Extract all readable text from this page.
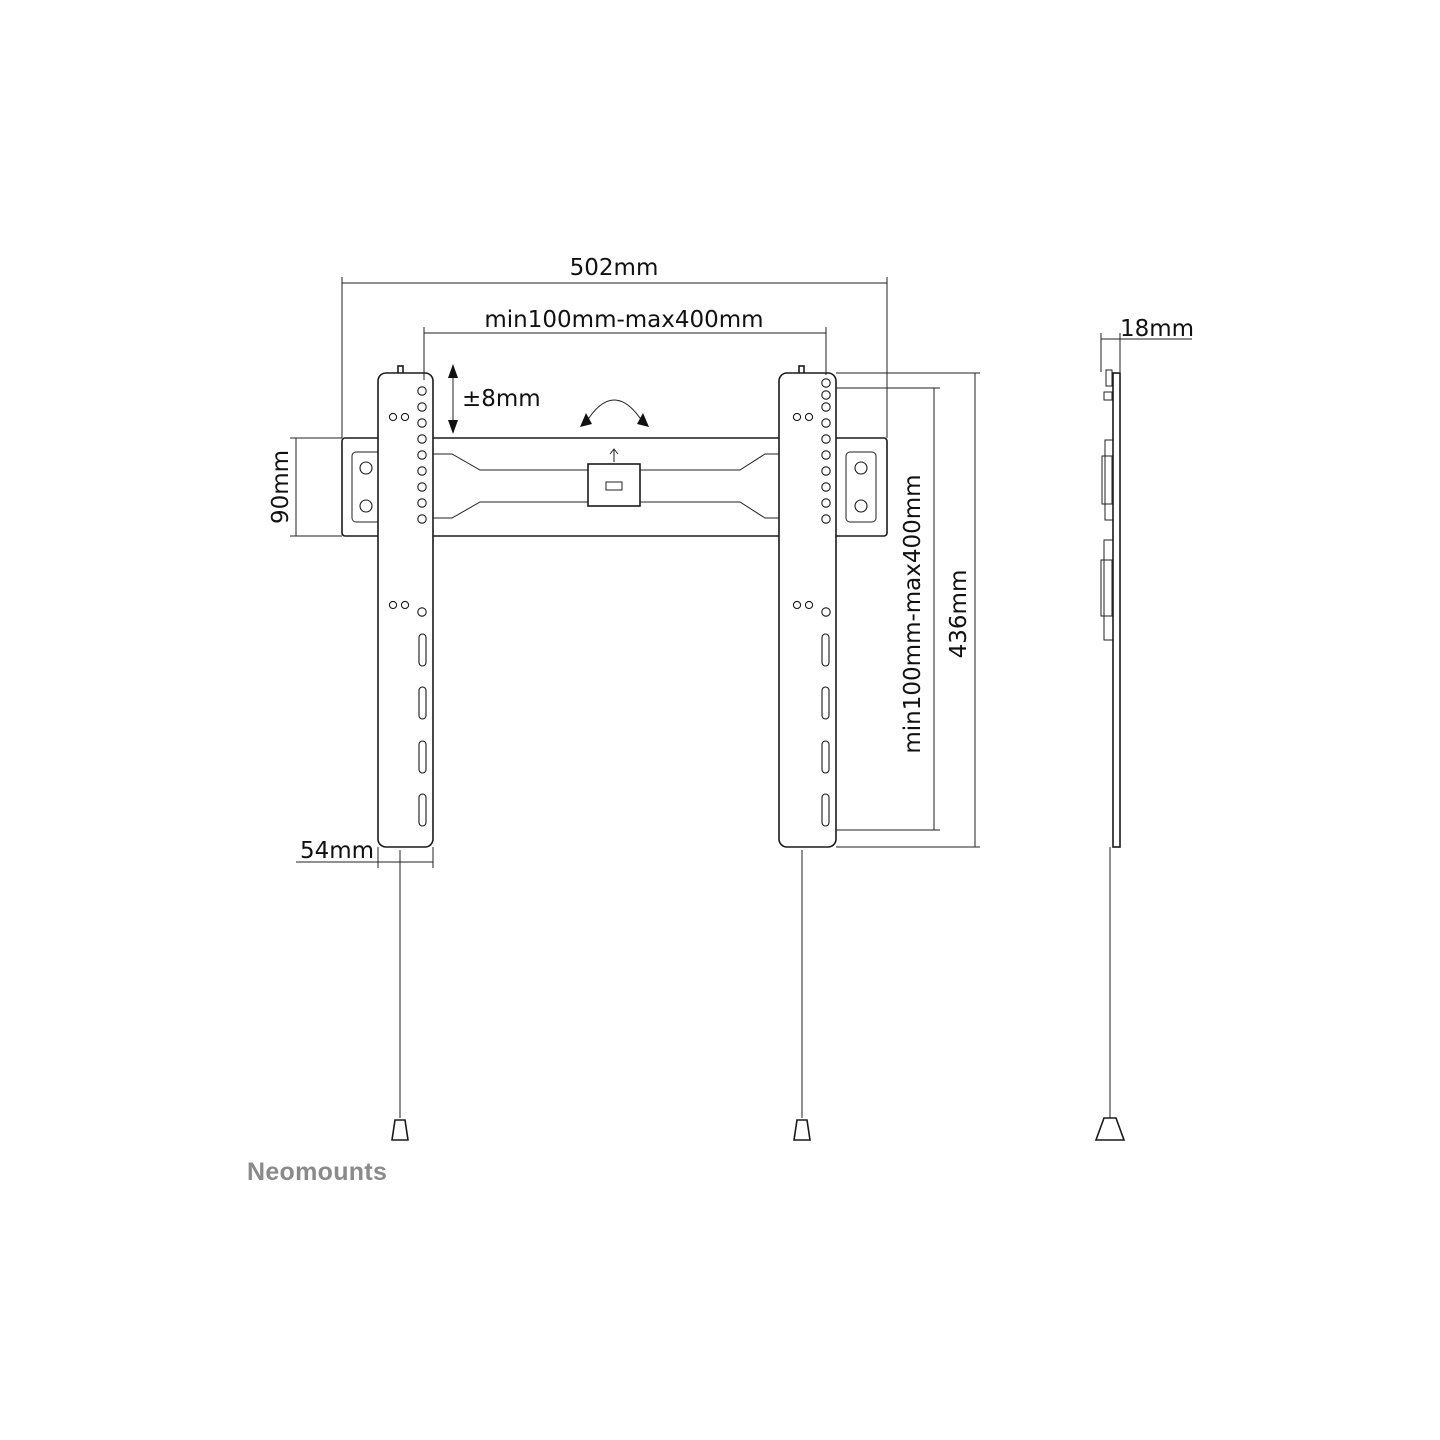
502mm
min100mm-max400mm
±8mm
90mm
54mm
min100mm-max400mm 436mm
18mm
Neomounts
